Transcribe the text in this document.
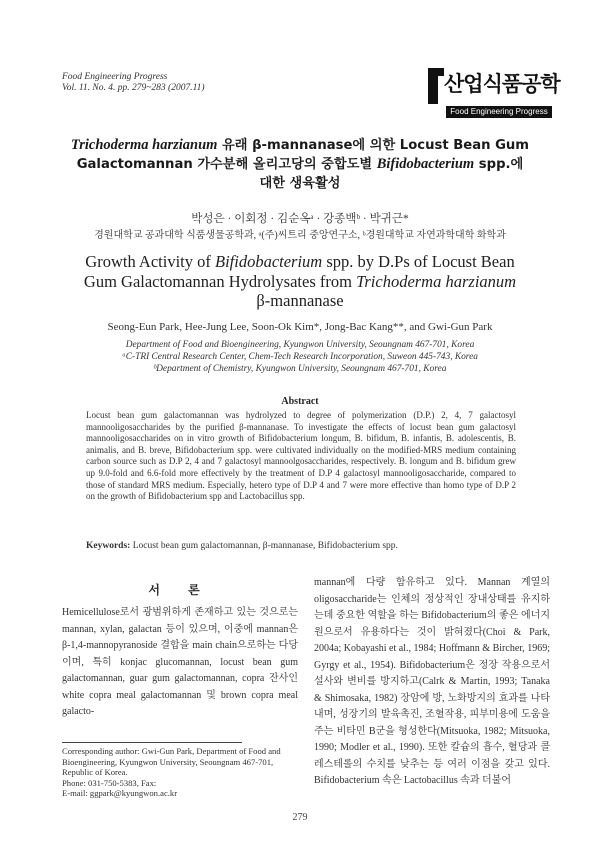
Food Engineering Progress
Vol. 11. No. 4. pp. 279~283 (2007.11)	산업식품공학
Food Engineering Progress
Trichoderma harzianum 유래 β-mannanase에 의한 Locust Bean Gum
Galactomannan 가수분해 올리고당의 중합도별 Bifidobacterium spp.에
대한 생육활성
박성은 · 이회정 · 김순옥ᵃ · 강종백ᵇ · 박귀근*
경원대학교 공과대학 식품생물공학과, ᵃ(주)씨트리 중앙연구소, ᵇ경원대학교 자연과학대학 화학과
Growth Activity of Bifidobacterium spp. by D.Ps of Locust Bean
Gum Galactomannan Hydrolysates from Trichoderma harzianum
β-mannanase
Seong-Eun Park, Hee-Jung Lee, Soon-Ok Kim*, Jong-Bac Kang**, and Gwi-Gun Park
Department of Food and Bioengineering, Kyungwon University, Seoungnam 467-701, Korea
ᵃC-TRI Central Research Center, Chem-Tech Research Incorporation, Suweon 445-743, Korea
ᵇDepartment of Chemistry, Kyungwon University, Seoungnam 467-701, Korea
Abstract
Locust bean gum galactomannan was hydrolyzed to degree of polymerization (D.P.) 2, 4, 7 galactosyl mannooligosaccharides by the purified β-mannanase. To investigate the effects of locust bean gum galactosyl mannooligosaccharides on in vitro growth of Bifidobacterium longum, B. bifidum, B. infantis, B. adolescentis, B. animalis, and B. breve, Bifidobacterium spp. were cultivated individually on the modified-MRS medium containing carbon source such as D.P 2, 4 and 7 galactosyl mannoolgosaccharides, respectively. B. longum and B. bifidum grew up 9.0-fold and 6.6-fold more effectively by the treatment of D.P 4 galactosyl mannooligosaccharide, compared to those of standard MRS medium. Especially, hetero type of D.P 4 and 7 were more effective than homo type of D.P 2 on the growth of Bifidobacterium spp and Lactobacillus spp.
Keywords: Locust bean gum galactomannan, β-mannanase, Bifidobacterium spp.
서 론

Hemicellulose로서 광범위하게 존재하고 있는 것으로는 mannan, xylan, galactan 등이 있으며, 이중에 mannan은 β-1,4-mannopyranoside 결합을 main chain으로하는 다당이며, 특히 konjac glucomannan, locust bean gum galactomannan, guar gum galactomannan, copra 잔사인 white copra meal galactomannan 및 brown copra meal galacto-

mannan에 다량 함유하고 있다. Mannan 계열의 oligosaccharide는 인체의 정상적인 장내상태를 유지하는데 중요한 역할을 하는 Bifidobacterium의 좋은 에너지원으로서 유용하다는 것이 밝혀졌다(Choi & Park, 2004a; Kobayashi et al., 1984; Hoffmann & Bircher, 1969; Gyrgy et al., 1954). Bifidobacterium은 정장 작용으로서 설사와 변비를 방지하고(Calrk & Martin, 1993; Tanaka & Shimosaka, 1982) 장암에 방, 노화방지의 효과를 나타내며, 성장기의 발육촉진, 조혈작용, 피부미용에 도움을 주는 비타민 B군을 형성한다(Mitsuoka, 1982; Mitsuoka, 1990; Modler et al., 1990). 또한 칼슘의 흡수, 혈당과 콜레스테롤의 수치를 낮추는 등 여러 이점을 갖고 있다. Bifidobacterium 속은 Lactobacillus 속과 더불어

Corresponding author: Gwi-Gun Park, Department of Food and Bioengineering, Kyungwon University, Seoungnam 467-701, Republic of Korea.
Phone: 031-750-5383, Fax:
E-mail: ggpark@kyungwon.ac.kr
279
